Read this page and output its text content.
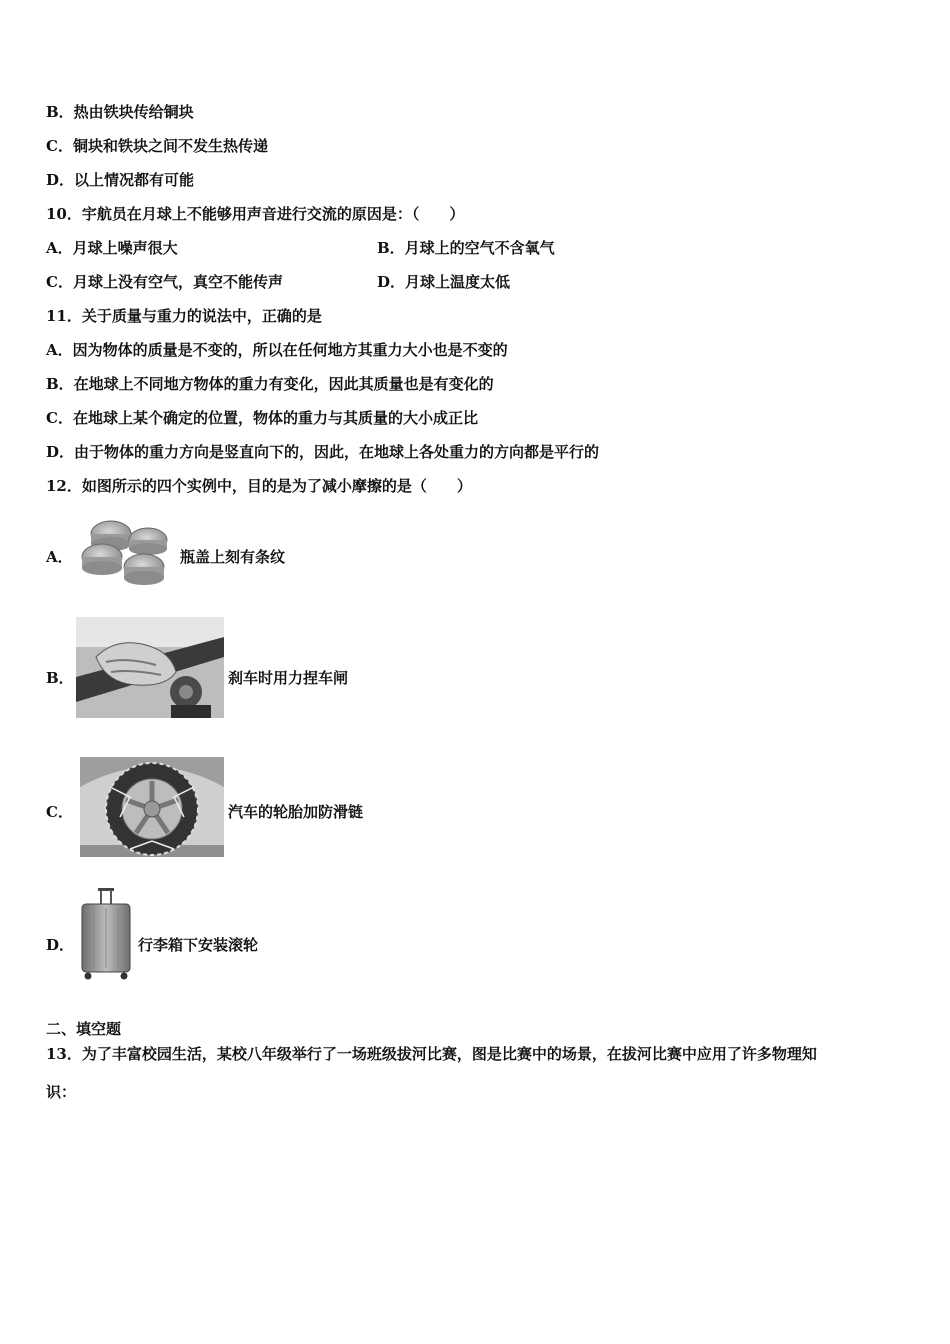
B．热由铁块传给铜块
C．铜块和铁块之间不发生热传递
D．以上情况都有可能
10．宇航员在月球上不能够用声音进行交流的原因是：（　　）
A．月球上噪声很大	B．月球上的空气不含氧气
C．月球上没有空气，真空不能传声	D．月球上温度太低
11．关于质量与重力的说法中，正确的是
A．因为物体的质量是不变的，所以在任何地方其重力大小也是不变的
B．在地球上不同地方物体的重力有变化，因此其质量也是有变化的
C．在地球上某个确定的位置，物体的重力与其质量的大小成正比
D．由于物体的重力方向是竖直向下的，因此，在地球上各处重力的方向都是平行的
12．如图所示的四个实例中，目的是为了减小摩擦的是（　　）
A．	瓶盖上刻有条纹
B．	刹车时用力捏车闸
C．	汽车的轮胎加防滑链
D．	行李箱下安装滚轮
二、填空题
13．为了丰富校园生活，某校八年级举行了一场班级拔河比赛，图是比赛中的场景，在拔河比赛中应用了许多物理知
识：
